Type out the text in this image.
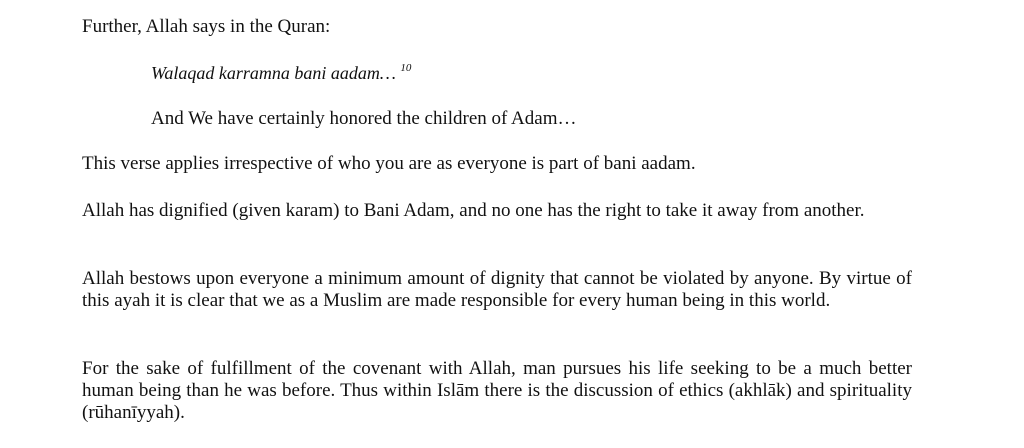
Further, Allah says in the Quran:
Walaqad karramna bani aadam… $^{10}$
And We have certainly honored the children of Adam…
This verse applies irrespective of who you are as everyone is part of bani aadam.
Allah has dignified (given karam) to Bani Adam, and no one has the right to take it away from another.
Allah bestows upon everyone a minimum amount of dignity that cannot be violated by anyone. By virtue of this ayah it is clear that we as a Muslim are made responsible for every human being in this world.
For the sake of fulfillment of the covenant with Allah, man pursues his life seeking to be a much better human being than he was before. Thus within Islām there is the discussion of ethics (akhlāk) and spirituality (rūhanīyyah).
